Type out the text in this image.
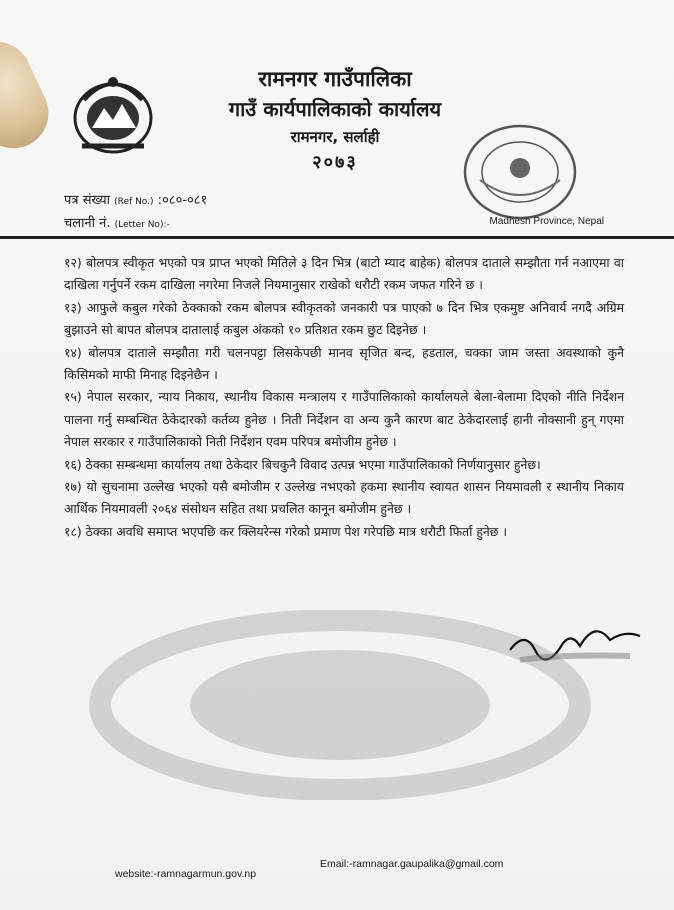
रामनगर गाउँपालिका
गाउँ कार्यपालिकाको कार्यालय
रामनगर, सर्लाही
२०७३
पत्र संख्या (Ref No.) :०८०-०८१
चलानी नं. (Letter No):-	Madhesh Province, Nepal

१२) बोलपत्र स्वीकृत भएको पत्र प्राप्त भएको मितिले ३ दिन भित्र (बाटो म्याद बाहेक) बोलपत्र दाताले सम्झौता गर्न नआएमा वा दाखिला गर्नुपर्ने रकम दाखिला नगरेमा निजले नियमानुसार राखेको धरौटी रकम जफत गरिने छ ।

१३) आफुले कबुल गरेको ठेक्काको रकम बोलपत्र स्वीकृतको जनकारी पत्र पाएको ७ दिन भित्र एकमुष्ट अनिवार्य नगदै अग्रिम बुझाउने सो बापत बोलपत्र दातालाई कबुल अंकको १० प्रतिशत रकम छुट दिइनेछ ।

१४) बोलपत्र दाताले सम्झौता गरी चलनपट्टा लिसकेपछी मानव सृजित बन्द, हडताल, चक्का जाम जस्ता अवस्थाको कुनै किसिमको माफी मिनाह दिइनेछैन ।

१५) नेपाल सरकार, न्याय निकाय, स्थानीय विकास मन्त्रालय र गाउँपालिकाको कार्यालयले बेला-बेलामा दिएको नीति निर्देशन पालना गर्नु सम्बन्धित ठेकेदारको कर्तव्य हुनेछ । निती निर्देशन वा अन्य कुनै कारण बाट ठेकेदारलाई हानी नोक्सानी हुन् गएमा नेपाल सरकार र गाउँपालिकाको निती निर्देशन एवम परिपत्र बमोजीम हुनेछ ।

१६) ठेक्का सम्बन्धमा कार्यालय तथा ठेकेदार बिचकुनै विवाद उत्पन्न भएमा गाउँपालिकाको निर्णयानुसार हुनेछ।

१७) यो सुचनामा उल्लेख भएको यसै बमोजीम र उल्लेख नभएको हकमा स्थानीय स्वायत शासन नियमावली र स्थानीय निकाय आर्थिक नियमावली २०६४ संसोधन सहित तथा प्रचलित कानून बमोजीम हुनेछ ।

१८) ठेक्का अवधि समाप्त भएपछि कर क्लियरेन्स गरेको प्रमाण पेश गरेपछि मात्र धरौटी फिर्ता हुनेछ ।

website:-ramnagarmun.gov.np
Email:-ramnagar.gaupalika@gmail.com
